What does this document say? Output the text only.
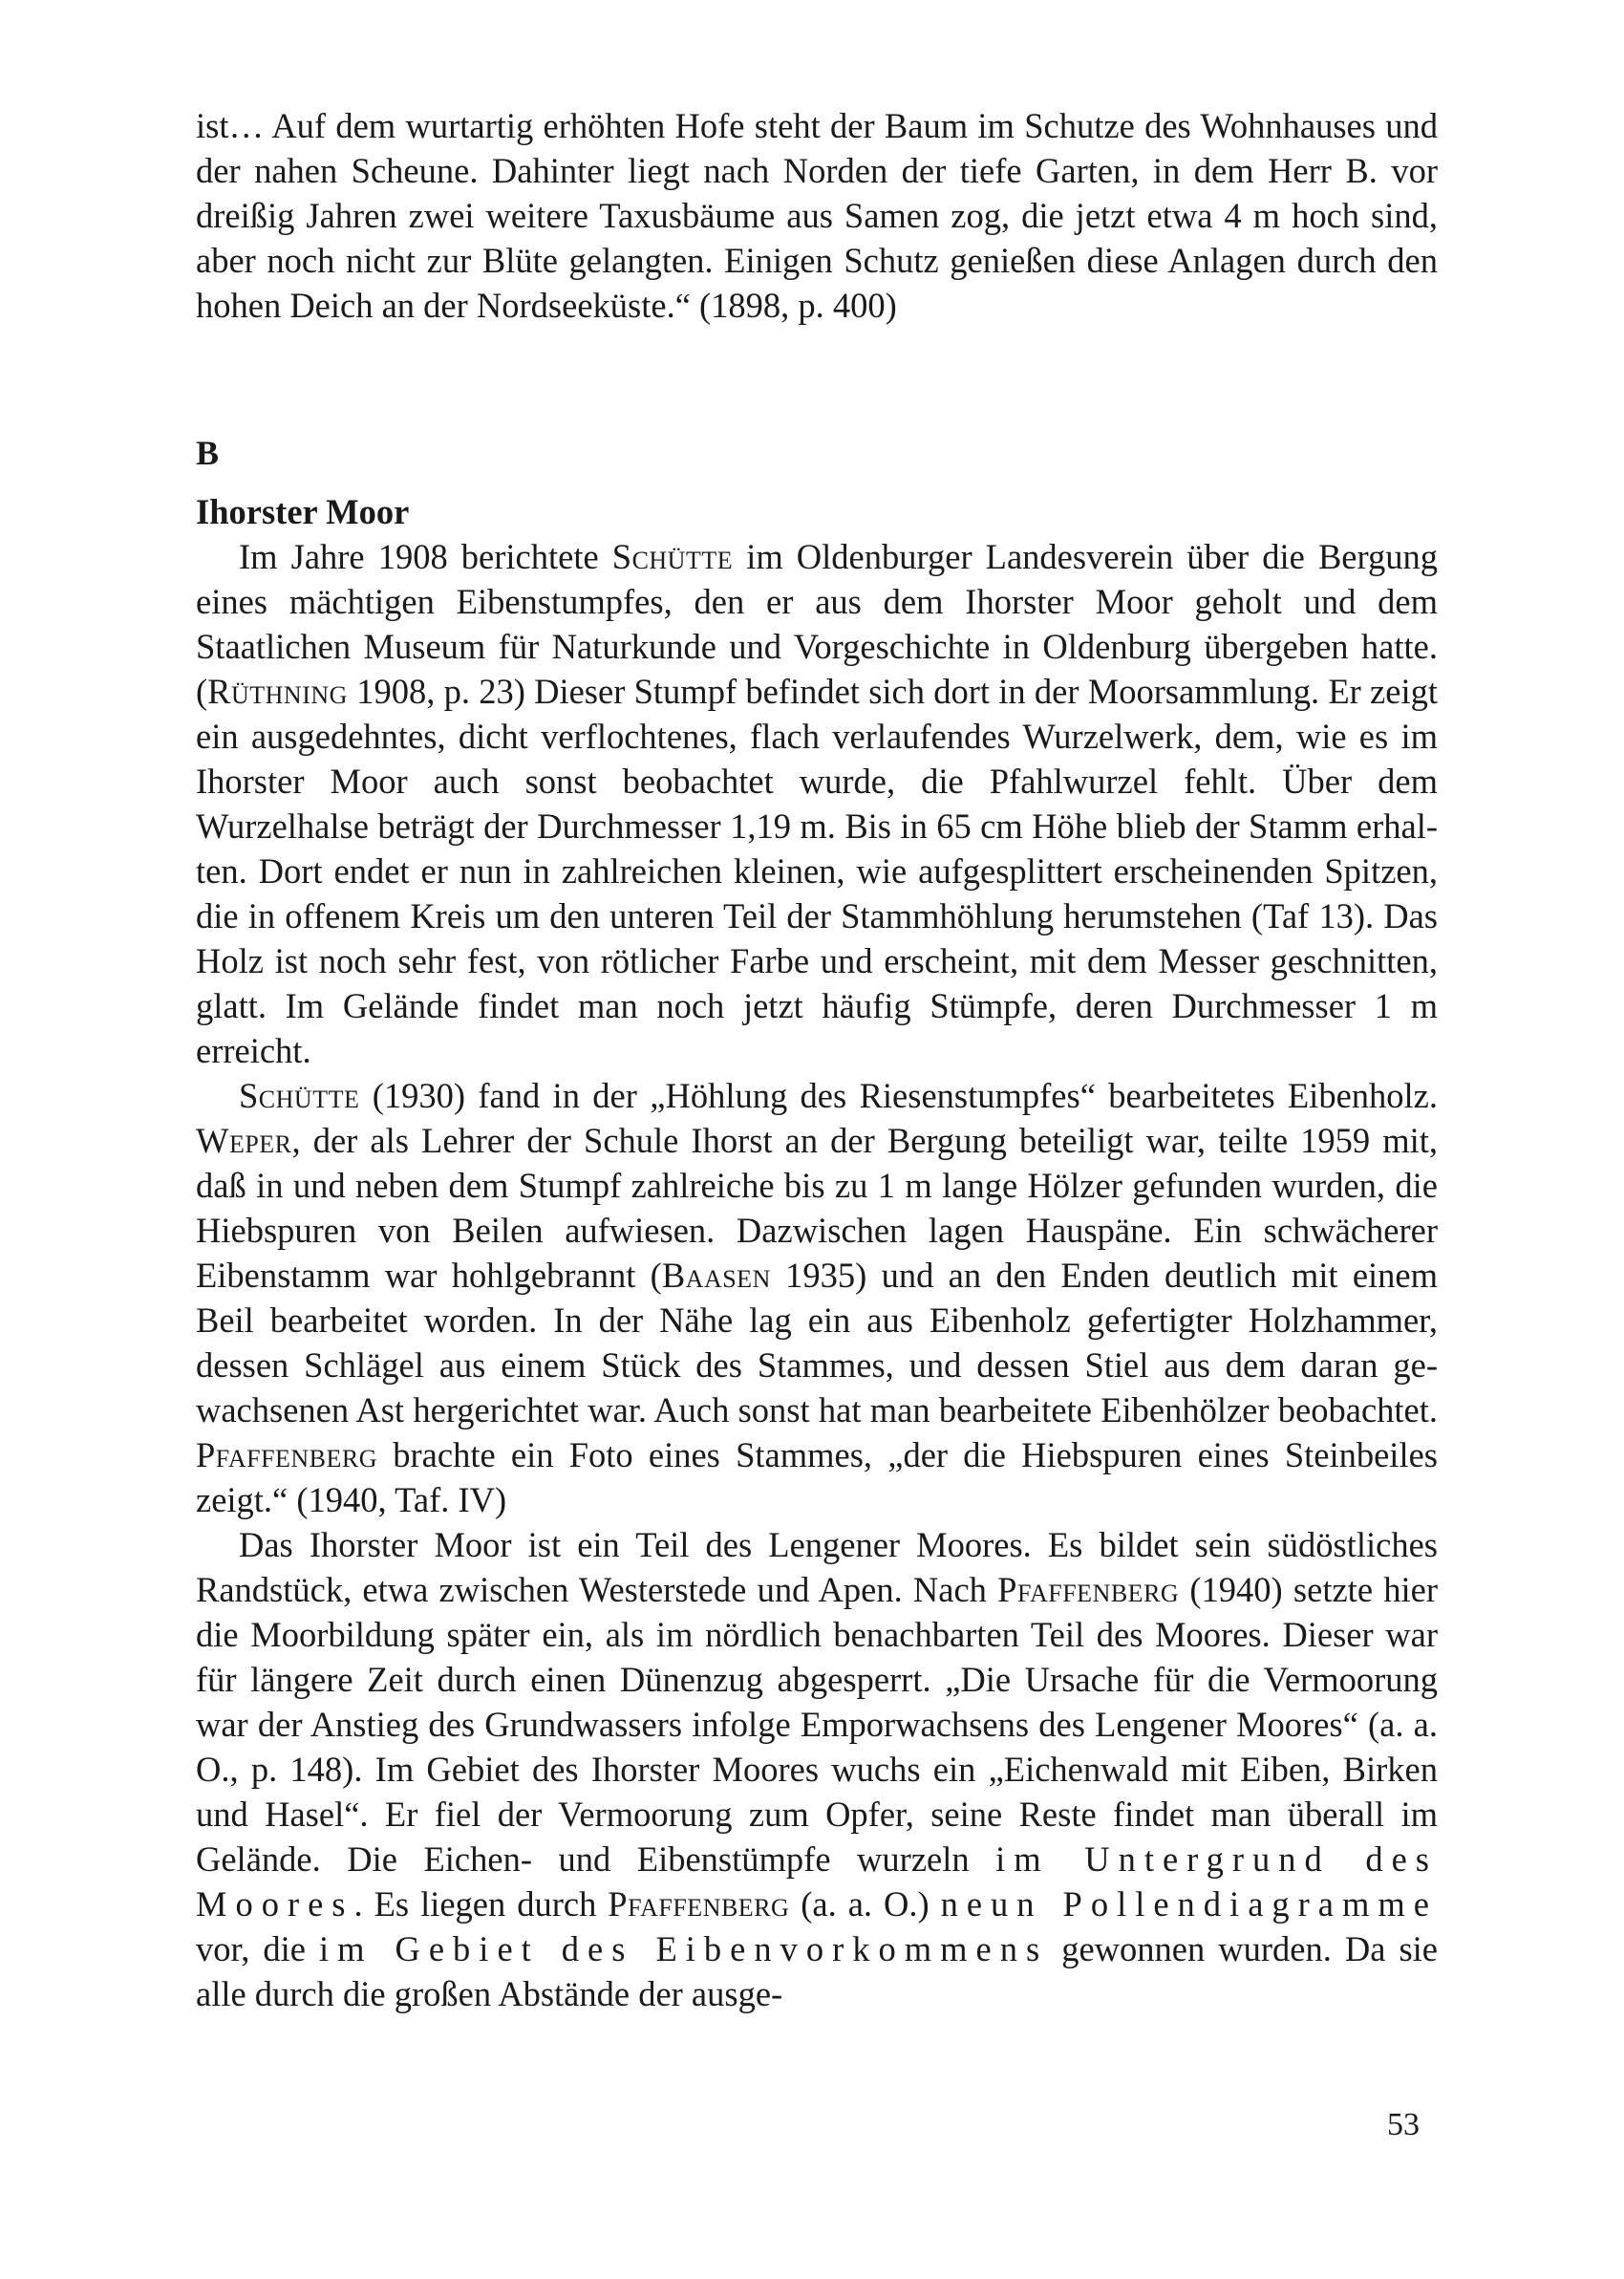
ist… Auf dem wurtartig erhöhten Hofe steht der Baum im Schutze des Wohnhauses und der nahen Scheune. Dahinter liegt nach Norden der tiefe Garten, in dem Herr B. vor dreißig Jahren zwei weitere Taxusbäume aus Samen zog, die jetzt etwa 4 m hoch sind, aber noch nicht zur Blüte gelangten. Einigen Schutz genießen diese Anlagen durch den hohen Deich an der Nordseeküste.“ (1898, p. 400)

B
Ihorster Moor

Im Jahre 1908 berichtete Schütte im Oldenburger Landesverein über die Bergung eines mächtigen Eibenstumpfes, den er aus dem Ihorster Moor geholt und dem Staatlichen Museum für Naturkunde und Vorgeschichte in Oldenburg übergeben hatte. (Rüthning 1908, p. 23) Dieser Stumpf befindet sich dort in der Moorsammlung. Er zeigt ein ausgedehntes, dicht verflochtenes, flach verlaufendes Wurzelwerk, dem, wie es im Ihorster Moor auch sonst beobachtet wurde, die Pfahlwurzel fehlt. Über dem Wurzelhalse beträgt der Durchmesser 1,19 m. Bis in 65 cm Höhe blieb der Stamm erhalten. Dort endet er nun in zahlreichen kleinen, wie aufgesplittert erscheinenden Spitzen, die in offenem Kreis um den unteren Teil der Stammhöhlung herumstehen (Taf 13). Das Holz ist noch sehr fest, von rötlicher Farbe und erscheint, mit dem Messer geschnitten, glatt. Im Gelände findet man noch jetzt häufig Stümpfe, deren Durchmesser 1 m erreicht.

Schütte (1930) fand in der „Höhlung des Riesenstumpfes“ bearbeitetes Eibenholz. Weper, der als Lehrer der Schule Ihorst an der Bergung beteiligt war, teilte 1959 mit, daß in und neben dem Stumpf zahlreiche bis zu 1 m lange Hölzer gefunden wurden, die Hiebspuren von Beilen aufwiesen. Dazwischen lagen Hauspäne. Ein schwächerer Eibenstamm war hohlgebrannt (Baasen 1935) und an den Enden deutlich mit einem Beil bearbeitet worden. In der Nähe lag ein aus Eibenholz gefertigter Holzhammer, dessen Schlägel aus einem Stück des Stammes, und dessen Stiel aus dem daran gewachsenen Ast hergerichtet war. Auch sonst hat man bearbeitete Eibenhölzer beobachtet. Pfaffenberg brachte ein Foto eines Stammes, „der die Hiebspuren eines Steinbeiles zeigt.“ (1940, Taf. IV)

Das Ihorster Moor ist ein Teil des Lengener Moores. Es bildet sein südöstliches Randstück, etwa zwischen Westerstede und Apen. Nach Pfaffenberg (1940) setzte hier die Moorbildung später ein, als im nördlich benachbarten Teil des Moores. Dieser war für längere Zeit durch einen Dünenzug abgesperrt. „Die Ursache für die Vermoorung war der Anstieg des Grundwassers infolge Emporwachsens des Lengener Moores“ (a. a. O., p. 148). Im Gebiet des Ihorster Moores wuchs ein „Eichenwald mit Eiben, Birken und Hasel“. Er fiel der Vermoorung zum Opfer, seine Reste findet man überall im Gelände. Die Eichen- und Eibenstümpfe wurzeln im Untergrund des Moores. Es liegen durch Pfaffenberg (a. a. O.) neun Pollendiagramme vor, die im Gebiet des Eibenvorkommens gewonnen wurden. Da sie alle durch die großen Abstände der ausge-

53
